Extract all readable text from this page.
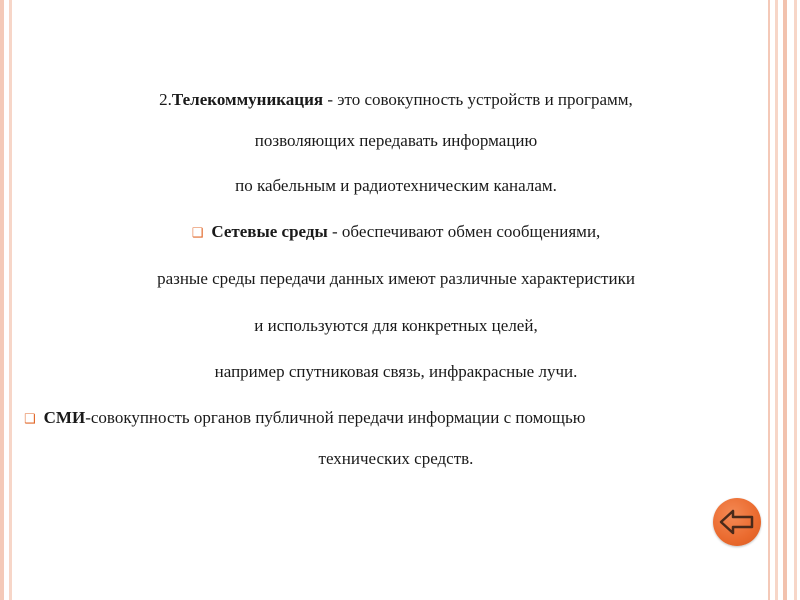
2.Телекоммуникация - это совокупность устройств и программ,
позволяющих передавать информацию
по кабельным и радиотехническим каналам.
❑ Сетевые среды - обеспечивают обмен сообщениями,
разные среды передачи данных имеют различные характеристики
и используются для конкретных целей,
например спутниковая связь, инфракрасные лучи.
❑ СМИ-совокупность органов публичной передачи информации с помощью
технических средств.
